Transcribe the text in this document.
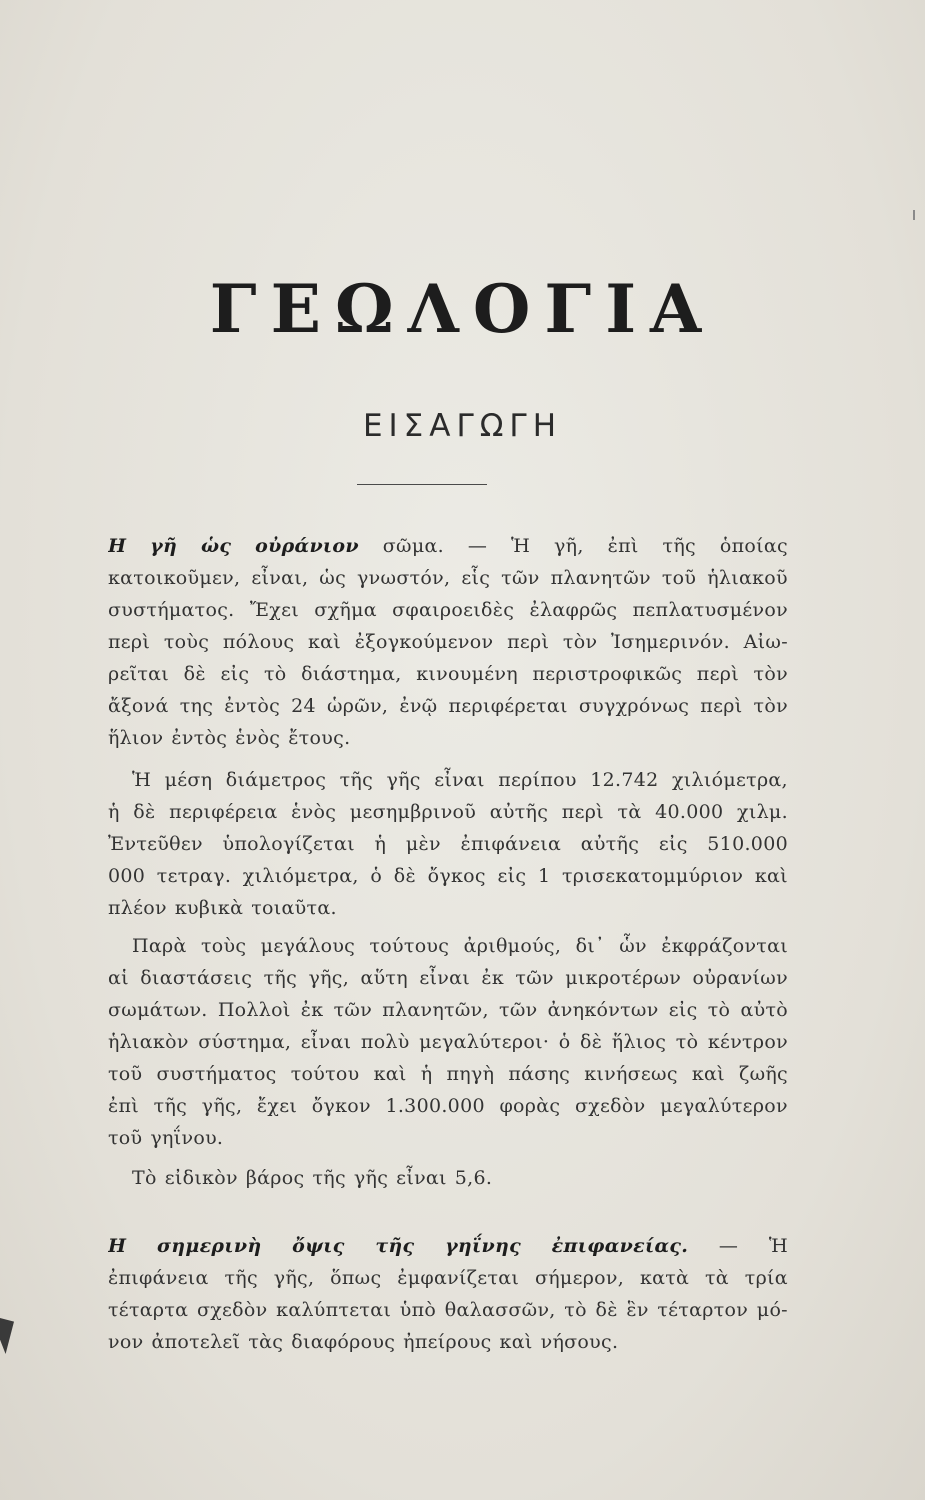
ΓΕΩΛΟΓΙΑ
ΕΙΣΑΓΩΓΗ
Η γῆ ὡς οὐράνιον σῶμα. — Ἡ γῆ, ἐπὶ τῆς ὁποίας
κατοικοῦμεν, εἶναι, ὡς γνωστόν, εἷς τῶν πλανητῶν τοῦ ἡλιακοῦ
συστήματος. Ἔχει σχῆμα σφαιροειδὲς ἐλαφρῶς πεπλατυσμένον
περὶ τοὺς πόλους καὶ ἐξογκούμενον περὶ τὸν Ἰσημερινόν. Αἰω-
ρεῖται δὲ εἰς τὸ διάστημα, κινουμένη περιστροφικῶς περὶ τὸν
ἄξονά της ἐντὸς 24 ὡρῶν, ἐνῷ περιφέρεται συγχρόνως περὶ τὸν
ἥλιον ἐντὸς ἑνὸς ἔτους.
Ἡ μέση διάμετρος τῆς γῆς εἶναι περίπου 12.742 χιλιόμετρα,
ἡ δὲ περιφέρεια ἑνὸς μεσημβρινοῦ αὐτῆς περὶ τὰ 40.000 χιλμ.
Ἐντεῦθεν ὑπολογίζεται ἡ μὲν ἐπιφάνεια αὐτῆς εἰς 510.000
000 τετραγ. χιλιόμετρα, ὁ δὲ ὄγκος εἰς 1 τρισεκατομμύριον καὶ
πλέον κυβικὰ τοιαῦτα.
Παρὰ τοὺς μεγάλους τούτους ἀριθμούς, δι᾽ ὧν ἐκφράζονται
αἱ διαστάσεις τῆς γῆς, αὕτη εἶναι ἐκ τῶν μικροτέρων οὐρανίων
σωμάτων. Πολλοὶ ἐκ τῶν πλανητῶν, τῶν ἀνηκόντων εἰς τὸ αὐτὸ
ἡλιακὸν σύστημα, εἶναι πολὺ μεγαλύτεροι· ὁ δὲ ἥλιος τὸ κέντρον
τοῦ συστήματος τούτου καὶ ἡ πηγὴ πάσης κινήσεως καὶ ζωῆς
ἐπὶ τῆς γῆς, ἔχει ὄγκον 1.300.000 φορὰς σχεδὸν μεγαλύτερον
τοῦ γηΐνου.
Τὸ εἰδικὸν βάρος τῆς γῆς εἶναι 5,6.
Η σημερινὴ ὄψις τῆς γηΐνης ἐπιφανείας. — Ἡ
ἐπιφάνεια τῆς γῆς, ὅπως ἐμφανίζεται σήμερον, κατὰ τὰ τρία
τέταρτα σχεδὸν καλύπτεται ὑπὸ θαλασσῶν, τὸ δὲ ἓν τέταρτον μό-
νον ἀποτελεῖ τὰς διαφόρους ἠπείρους καὶ νήσους.
